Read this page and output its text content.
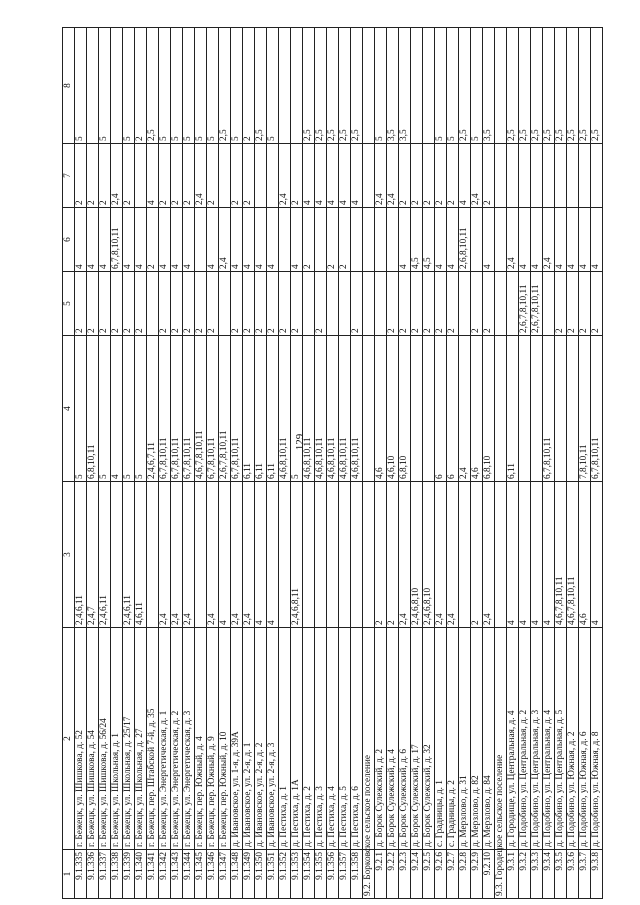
129
1	2	3	4	5	6	7	8
9.1.335	г. Бежецк, ул. Шишкова, д. 52	2,4,6,11	5	2	4	2	5
9.1.336	г. Бежецк, ул. Шишкова, д. 54	2,4,7	6,8,10,11	2	4	2	
9.1.337	г. Бежецк, ул. Шишкова, д. 56/24	2,4,6,11	5	2	4	2	5
9.1.338	г. Бежецк, ул. Школьная, д. 1		4	2	6,7,8,10,11	2,4	
9.1.339	г. Бежецк, ул. Школьная, д. 25/17	2,4,6,11	5	2	4	2	5
9.1.340	г. Бежецк, ул. Школьная, д. 27	4,6,11	5	2	4		2
9.1.341	г. Бежецк, пер. Штабской 7-й, д. 35		2,4,6,7,11		2	4	2,5
9.1.342	г. Бежецк, ул. Энергетическая, д. 1	2,4	6,7,8,10,11	2	4	2	5
9.1.343	г. Бежецк, ул. Энергетическая, д. 2	2,4	6,7,8,10,11	2	4	2	5
9.1.344	г. Бежецк, ул. Энергетическая, д. 3	2,4	6,7,8,10,11	2	4	2	5
9.1.345	г. Бежецк, пер. Южный, д. 4		4,6,7,8,10,11	2		2,4	5
9.1.346	г. Бежецк, пер. Южный, д. 9	2,4	6,7,8,10,11	2	4	2	5
9.1.347	г. Бежецк, пер. Южный, д. 10	4	2,6,7,8,10,11		2,4		2,5
9.1.348	д. Ивановское, ул. 1-я, д. 39А	2,4	6,7,8,10,11	2	4	2	5
9.1.349	д. Ивановское, ул. 2-я, д. 1	2,4	6,11	2	4	2	2
9.1.350	д. Ивановское, ул. 2-я, д. 2	4	6,11	2	4		2,5
9.1.351	д. Ивановское, ул. 2-я, д. 3	4	6,11	2	4		5
9.1.352	д. Пестиха, д. 1		4,6,8,10,11	2		2,4	
9.1.353	д. Пестиха, д. 1А	2,4,6,8,11	5	2	4	2	
9.1.354	д. Пестиха, д. 2		4,6,8,10,11		2	4	2,5
9.1.355	д. Пестиха, д. 3		4,6,8,10,11	2		4	2,5
9.1.356	д. Пестиха, д. 4		4,6,8,10,11		2	4	2,5
9.1.357	д. Пестиха, д. 5		4,6,8,10,11		2	4	2,5
9.1.358	д. Пестиха, д. 6		4,6,8,10,11	2		4	2,5
9.2. Борковское сельское поселение							
9.2.1	д. Борок Сулежский, д. 2	2	4,6			2,4	5
9.2.2	д. Борок Сулежский, д. 4	2	4,6,10	2		2,4	3,5
9.2.3	д. Борок Сулежский, д. 6	2,4	6,8,10	2	4	2	3,5
9.2.4	д. Борок Сулежский, д. 17	2,4,6,8,10		2	4,5	2	
9.2.5	д. Борок Сулежский, д. 32	2,4,6,8,10		2	4,5	2	
9.2.6	с. Градницы, д. 1	2,4	6	2	4	2	5
9.2.7	с. Градницы, д. 2	2,4	6	2	4	2	5
9.2.8	д. Мерзлово, д. 31		2,4		2,6,8,10,11	4	2,5
9.2.9	д. Мерзлово, д. 82	2	4,6	2		2,4	5
9.2.10	д. Мерзлово, д. 84	2,4	6,8,10	2	4	2	3,5
9.3. Городецкое сельское поселение							
9.3.1	д. Городище, ул. Центральная, д. 4	4	6,11		2,4		2,5
9.3.2	д. Подобино, ул. Центральная, д. 2	4		2,6,7,8,10,11	4		2,5
9.3.3	д. Подобино, ул. Центральная, д. 3	4		2,6,7,8,10,11	4		2,5
9.3.4	д. Подобино, ул. Центральная, д. 4	4	6,7,8,10,11		2,4		2,5
9.3.5	д. Подобино, ул. Центральная, д. 5	4,6,7,8,10,11		2	4		2,5
9.3.6	д. Подобино, ул. Южная, д. 2	4,6,7,8,10,11		2	4		2,5
9.3.7	д. Подобино, ул. Южная, д. 6	4,6	7,8,10,11	2	4		2,5
9.3.8	д. Подобино, ул. Южная, д. 8	4	6,7,8,10,11	2	4		2,5
